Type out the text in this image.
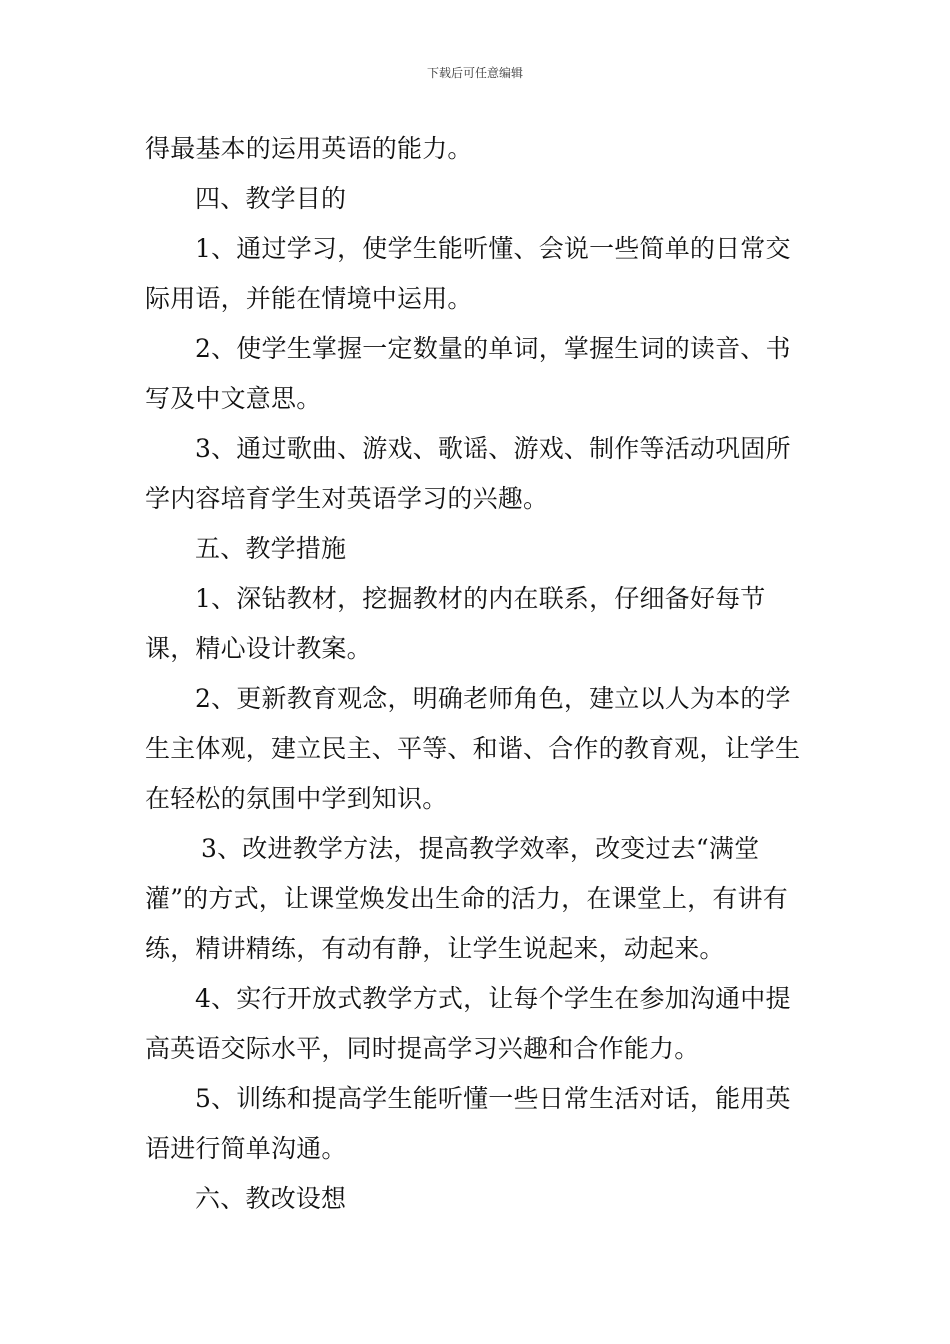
下载后可任意编辑

得最基本的运用英语的能力。

四、教学目的

1、通过学习，使学生能听懂、会说一些简单的日常交际用语，并能在情境中运用。

2、使学生掌握一定数量的单词，掌握生词的读音、书写及中文意思。

3、通过歌曲、游戏、歌谣、游戏、制作等活动巩固所学内容培育学生对英语学习的兴趣。

五、教学措施

1、深钻教材，挖掘教材的内在联系，仔细备好每节课，精心设计教案。

2、更新教育观念，明确老师角色，建立以人为本的学生主体观，建立民主、平等、和谐、合作的教育观，让学生在轻松的氛围中学到知识。

3、改进教学方法，提高教学效率，改变过去“满堂灌”的方式，让课堂焕发出生命的活力，在课堂上，有讲有练，精讲精练，有动有静，让学生说起来，动起来。

4、实行开放式教学方式，让每个学生在参加沟通中提高英语交际水平，同时提高学习兴趣和合作能力。

5、训练和提高学生能听懂一些日常生活对话，能用英语进行简单沟通。

六、教改设想
